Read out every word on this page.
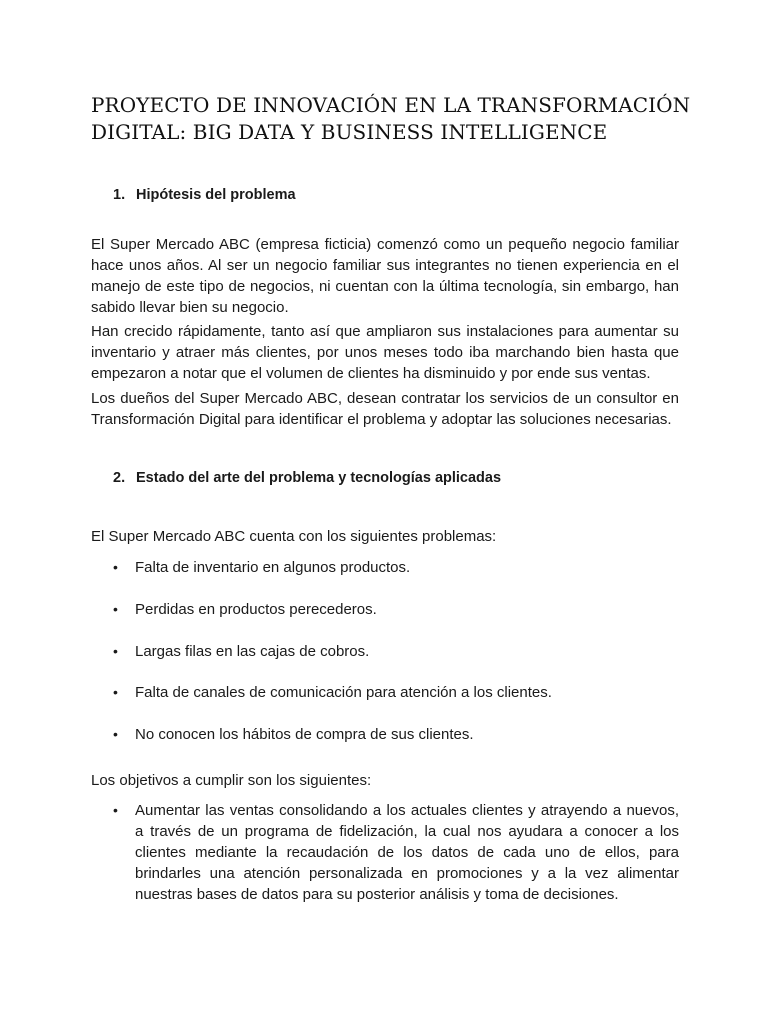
PROYECTO DE INNOVACIÓN EN LA TRANSFORMACIÓN
DIGITAL: BIG DATA Y BUSINESS INTELLIGENCE
1. Hipótesis del problema

El Super Mercado ABC (empresa ficticia) comenzó como un pequeño negocio familiar
hace unos años. Al ser un negocio familiar sus integrantes no tienen experiencia en el
manejo de este tipo de negocios, ni cuentan con la última tecnología, sin embargo, han
sabido llevar bien su negocio.

Han crecido rápidamente, tanto así que ampliaron sus instalaciones para aumentar su
inventario y atraer más clientes, por unos meses todo iba marchando bien hasta que
empezaron a notar que el volumen de clientes ha disminuido y por ende sus ventas.

Los dueños del Super Mercado ABC, desean contratar los servicios de un consultor en
Transformación Digital para identificar el problema y adoptar las soluciones necesarias.

2. Estado del arte del problema y tecnologías aplicadas

El Super Mercado ABC cuenta con los siguientes problemas:

• Falta de inventario en algunos productos.

• Perdidas en productos perecederos.

• Largas filas en las cajas de cobros.

• Falta de canales de comunicación para atención a los clientes.

• No conocen los hábitos de compra de sus clientes.

Los objetivos a cumplir son los siguientes:

• Aumentar las ventas consolidando a los actuales clientes y atrayendo a nuevos,
a través de un programa de fidelización, la cual nos ayudara a conocer a los
clientes mediante la recaudación de los datos de cada uno de ellos, para
brindarles una atención personalizada en promociones y a la vez alimentar
nuestras bases de datos para su posterior análisis y toma de decisiones.
